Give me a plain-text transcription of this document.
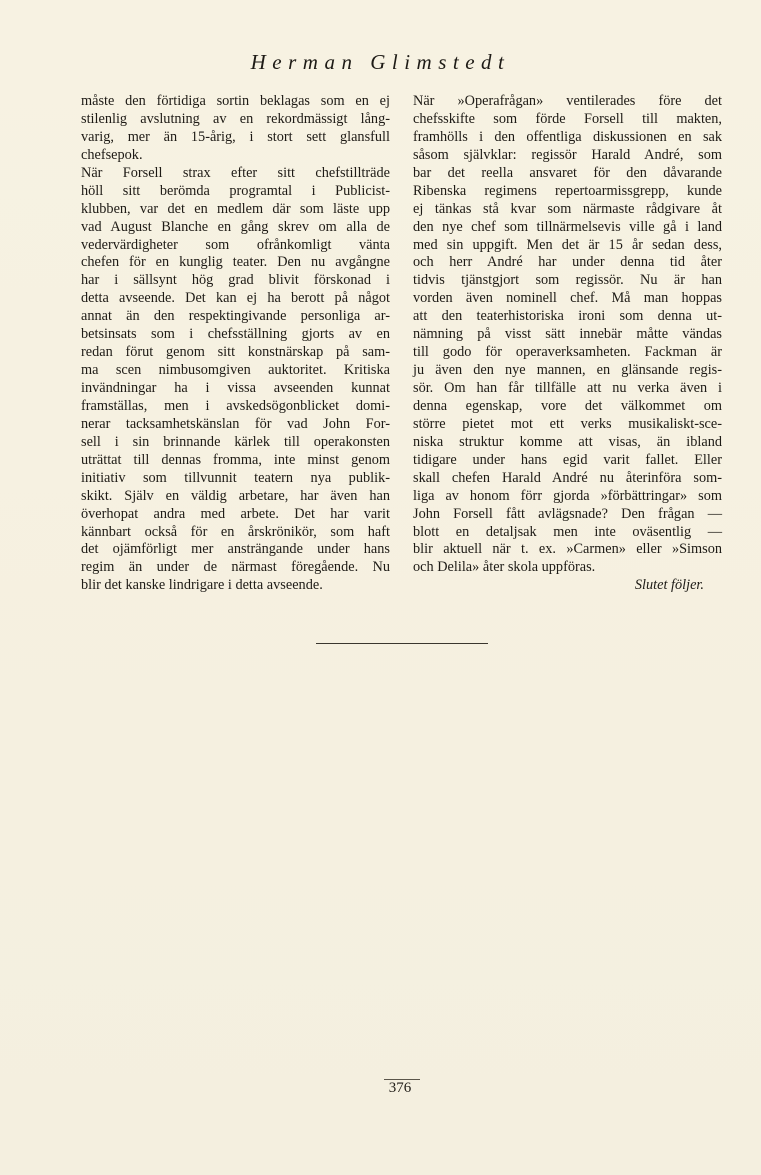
Herman Glimstedt
måste den förtidiga sortin beklagas som en ej
stilenlig avslutning av en rekordmässigt lång-
varig, mer än 15-årig, i stort sett glansfull
chefsepok.
När Forsell strax efter sitt chefstillträde
höll sitt berömda programtal i Publicist-
klubben, var det en medlem där som läste upp
vad August Blanche en gång skrev om alla de
vedervärdigheter som ofrånkomligt vänta
chefen för en kunglig teater. Den nu avgångne
har i sällsynt hög grad blivit förskonad i
detta avseende. Det kan ej ha berott på något
annat än den respektingivande personliga ar-
betsinsats som i chefsställning gjorts av en
redan förut genom sitt konstnärskap på sam-
ma scen nimbusomgiven auktoritet. Kritiska
invändningar ha i vissa avseenden kunnat
framställas, men i avskedsögonblicket domi-
nerar tacksamhetskänslan för vad John For-
sell i sin brinnande kärlek till operakonsten
uträttat till dennas fromma, inte minst genom
initiativ som tillvunnit teatern nya publik-
skikt. Själv en väldig arbetare, har även han
överhopat andra med arbete. Det har varit
kännbart också för en årskrönikör, som haft
det ojämförligt mer ansträngande under hans
regim än under de närmast föregående. Nu
blir det kanske lindrigare i detta avseende.
När »Operafrågan» ventilerades före det
chefsskifte som förde Forsell till makten,
framhölls i den offentliga diskussionen en sak
såsom självklar: regissör Harald André, som
bar det reella ansvaret för den dåvarande
Ribenska regimens repertoarmissgrepp, kunde
ej tänkas stå kvar som närmaste rådgivare åt
den nye chef som tillnärmelsevis ville gå i land
med sin uppgift. Men det är 15 år sedan dess,
och herr André har under denna tid åter
tidvis tjänstgjort som regissör. Nu är han
vorden även nominell chef. Må man hoppas
att den teaterhistoriska ironi som denna ut-
nämning på visst sätt innebär måtte vändas
till godo för operaverksamheten. Fackman är
ju även den nye mannen, en glänsande regis-
sör. Om han får tillfälle att nu verka även i
denna egenskap, vore det välkommet om
större pietet mot ett verks musikaliskt-sce-
niska struktur komme att visas, än ibland
tidigare under hans egid varit fallet. Eller
skall chefen Harald André nu återinföra som-
liga av honom förr gjorda »förbättringar» som
John Forsell fått avlägsnade? Den frågan —
blott en detaljsak men inte oväsentlig —
blir aktuell när t. ex. »Carmen» eller »Simson
och Delila» åter skola uppföras.
Slutet följer.
376
